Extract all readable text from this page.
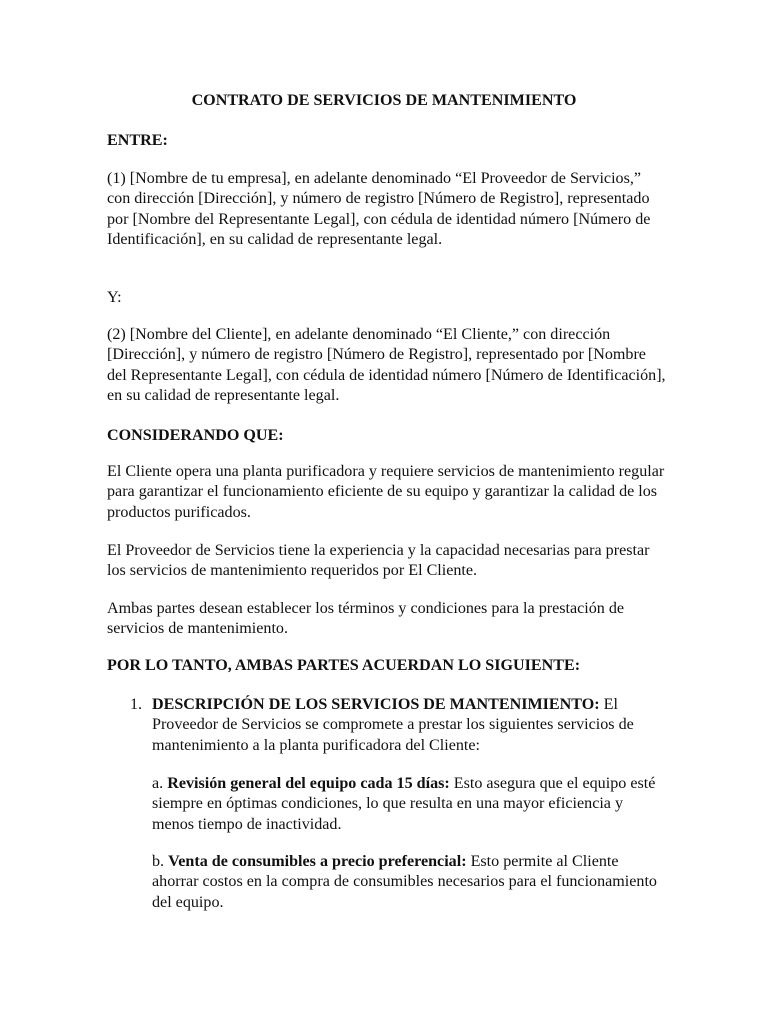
CONTRATO DE SERVICIOS DE MANTENIMIENTO

ENTRE:

(1) [Nombre de tu empresa], en adelante denominado “El Proveedor de Servicios,” con dirección [Dirección], y número de registro [Número de Registro], representado por [Nombre del Representante Legal], con cédula de identidad número [Número de Identificación], en su calidad de representante legal.

Y:

(2) [Nombre del Cliente], en adelante denominado “El Cliente,” con dirección [Dirección], y número de registro [Número de Registro], representado por [Nombre del Representante Legal], con cédula de identidad número [Número de Identificación], en su calidad de representante legal.

CONSIDERANDO QUE:

El Cliente opera una planta purificadora y requiere servicios de mantenimiento regular para garantizar el funcionamiento eficiente de su equipo y garantizar la calidad de los productos purificados.

El Proveedor de Servicios tiene la experiencia y la capacidad necesarias para prestar los servicios de mantenimiento requeridos por El Cliente.

Ambas partes desean establecer los términos y condiciones para la prestación de servicios de mantenimiento.

POR LO TANTO, AMBAS PARTES ACUERDAN LO SIGUIENTE:

1. DESCRIPCIÓN DE LOS SERVICIOS DE MANTENIMIENTO: El Proveedor de Servicios se compromete a prestar los siguientes servicios de mantenimiento a la planta purificadora del Cliente:

a. Revisión general del equipo cada 15 días: Esto asegura que el equipo esté siempre en óptimas condiciones, lo que resulta en una mayor eficiencia y menos tiempo de inactividad.

b. Venta de consumibles a precio preferencial: Esto permite al Cliente ahorrar costos en la compra de consumibles necesarios para el funcionamiento del equipo.
